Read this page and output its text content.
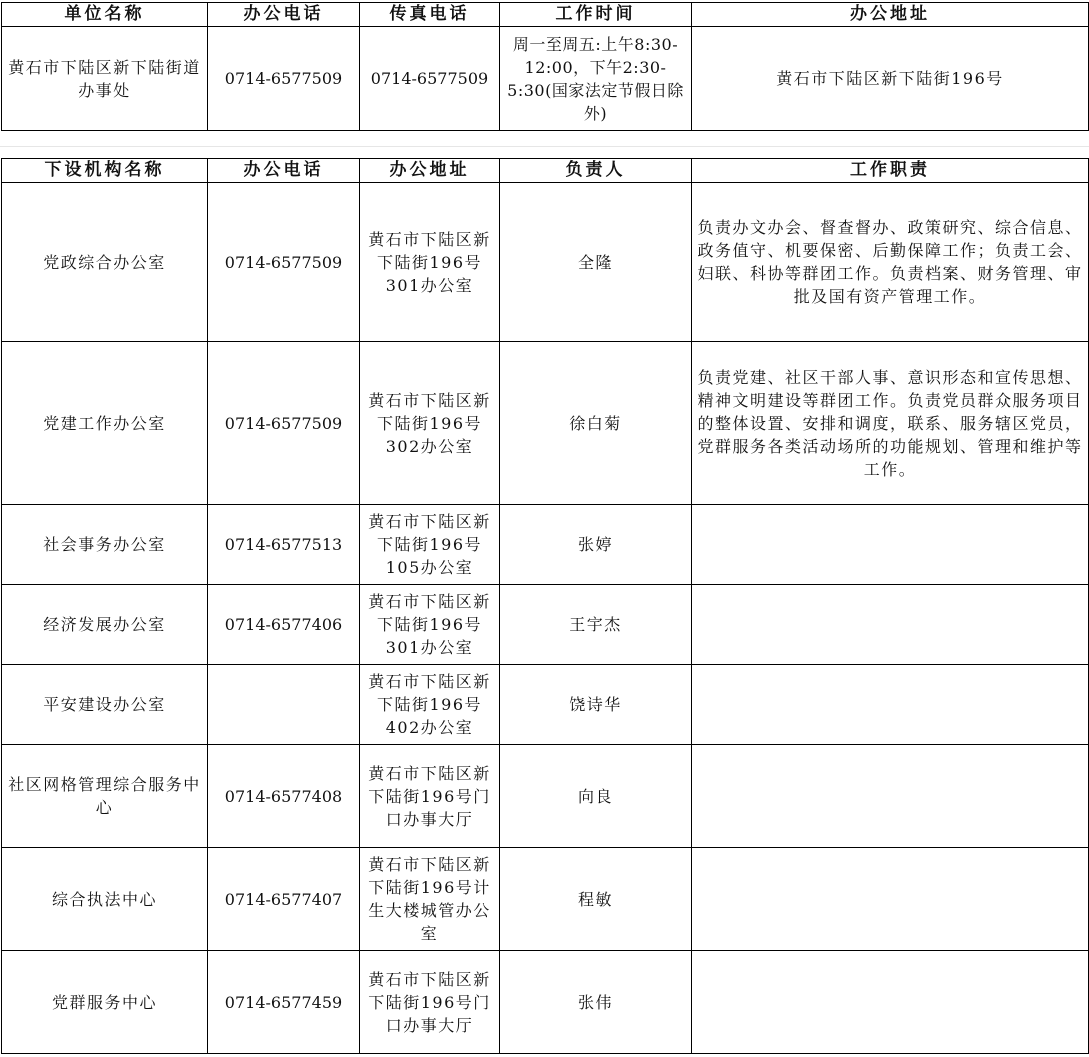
单位名称	办公电话	传真电话	工作时间	办公地址
黄石市下陆区新下陆街道办事处	0714-6577509	0714-6577509	周一至周五:上午8:30-12:00，下午2:30-5:30(国家法定节假日除外)	黄石市下陆区新下陆街196号
下设机构名称	办公电话	办公地址	负责人	工作职责
党政综合办公室	0714-6577509	黄石市下陆区新下陆街196号301办公室	全隆	负责办文办会、督查督办、政策研究、综合信息、政务值守、机要保密、后勤保障工作；负责工会、妇联、科协等群团工作。负责档案、财务管理、审批及国有资产管理工作。
党建工作办公室	0714-6577509	黄石市下陆区新下陆街196号302办公室	徐白菊	负责党建、社区干部人事、意识形态和宣传思想、精神文明建设等群团工作。负责党员群众服务项目的整体设置、安排和调度，联系、服务辖区党员，党群服务各类活动场所的功能规划、管理和维护等工作。
社会事务办公室	0714-6577513	黄石市下陆区新下陆街196号105办公室	张婷	
经济发展办公室	0714-6577406	黄石市下陆区新下陆街196号301办公室	王宇杰	
平安建设办公室		黄石市下陆区新下陆街196号402办公室	饶诗华	
社区网格管理综合服务中心	0714-6577408	黄石市下陆区新下陆街196号门口办事大厅	向良	
综合执法中心	0714-6577407	黄石市下陆区新下陆街196号计生大楼城管办公室	程敏	
党群服务中心	0714-6577459	黄石市下陆区新下陆街196号门口办事大厅	张伟	
